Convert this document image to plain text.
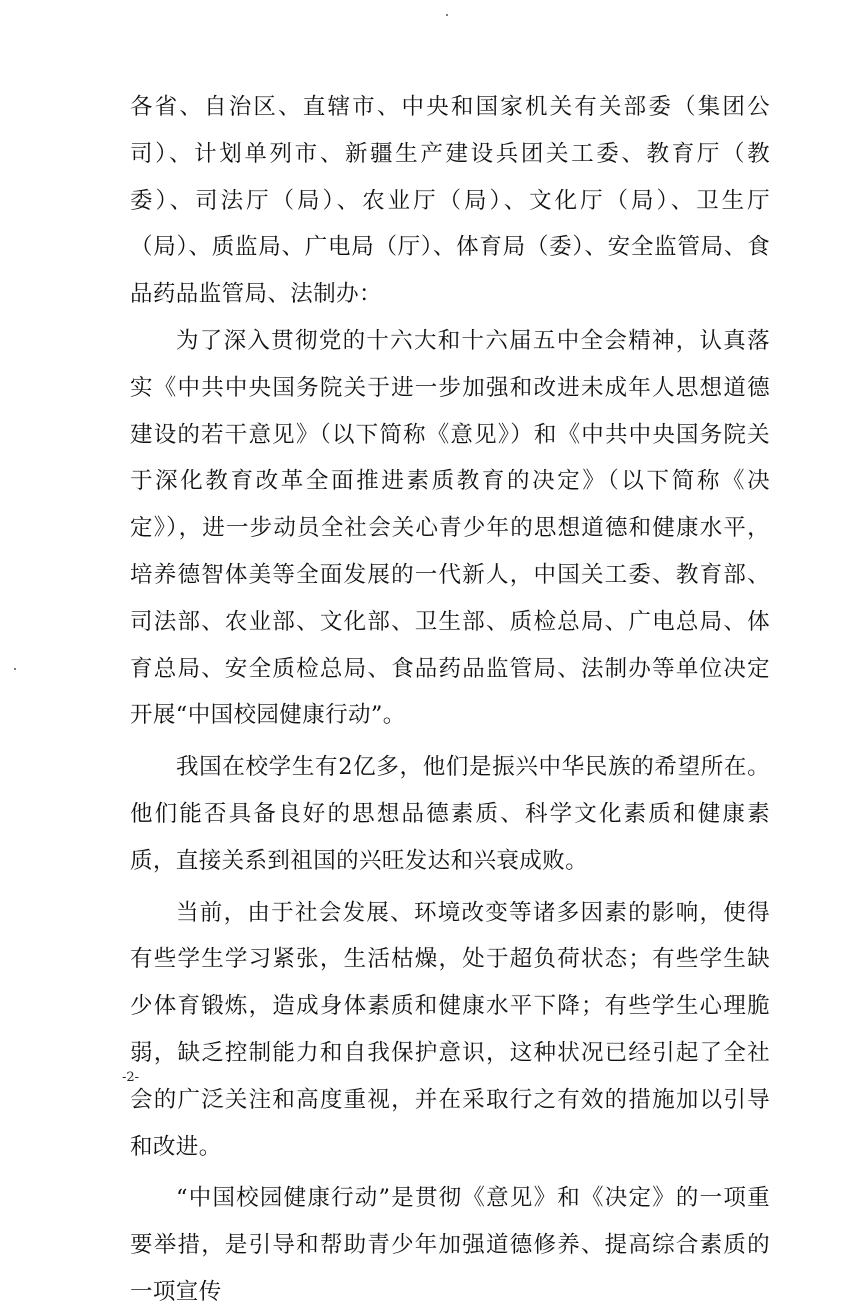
各省、自治区、直辖市、中央和国家机关有关部委（集团公司）、计划单列市、新疆生产建设兵团关工委、教育厅（教委）、司法厅（局）、农业厅（局）、文化厅（局）、卫生厅（局）、质监局、广电局（厅）、体育局（委）、安全监管局、食品药品监管局、法制办：

为了深入贯彻党的十六大和十六届五中全会精神，认真落实《中共中央国务院关于进一步加强和改进未成年人思想道德建设的若干意见》（以下简称《意见》）和《中共中央国务院关于深化教育改革全面推进素质教育的决定》（以下简称《决定》），进一步动员全社会关心青少年的思想道德和健康水平，培养德智体美等全面发展的一代新人，中国关工委、教育部、司法部、农业部、文化部、卫生部、质检总局、广电总局、体育总局、安全质检总局、食品药品监管局、法制办等单位决定开展“中国校园健康行动”。

我国在校学生有2亿多，他们是振兴中华民族的希望所在。他们能否具备良好的思想品德素质、科学文化素质和健康素质，直接关系到祖国的兴旺发达和兴衰成败。

当前，由于社会发展、环境改变等诸多因素的影响，使得有些学生学习紧张，生活枯燥，处于超负荷状态；有些学生缺少体育锻炼，造成身体素质和健康水平下降；有些学生心理脆弱，缺乏控制能力和自我保护意识，这种状况已经引起了全社会的广泛关注和高度重视，并在采取行之有效的措施加以引导和改进。

“中国校园健康行动”是贯彻《意见》和《决定》的一项重要举措，是引导和帮助青少年加强道德修养、提高综合素质的一项宣传

-2-
